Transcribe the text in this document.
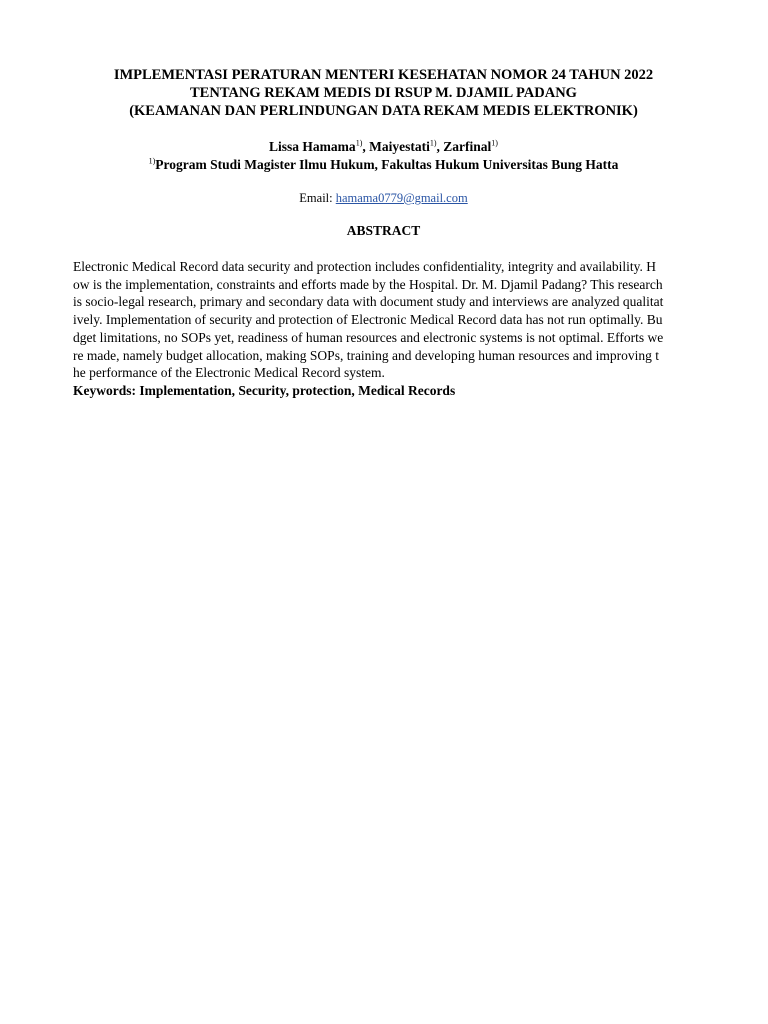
IMPLEMENTASI PERATURAN MENTERI KESEHATAN NOMOR 24 TAHUN 2022
TENTANG REKAM MEDIS DI RSUP M. DJAMIL PADANG
(KEAMANAN DAN PERLINDUNGAN DATA REKAM MEDIS ELEKTRONIK)
Lissa Hamama$^{1)}$, Maiyestati$^{1)}$, Zarfinal$^{1)}$
$^{1)}$Program Studi Magister Ilmu Hukum, Fakultas Hukum Universitas Bung Hatta
Email: hamama0779@gmail.com
ABSTRACT
Electronic Medical Record data security and protection includes confidentiality, integrity and availability. H
ow is the implementation, constraints and efforts made by the Hospital. Dr. M. Djamil Padang? This research
is socio-legal research, primary and secondary data with document study and interviews are analyzed qualitat
ively. Implementation of security and protection of Electronic Medical Record data has not run optimally. Bu
dget limitations, no SOPs yet, readiness of human resources and electronic systems is not optimal. Efforts we
re made, namely budget allocation, making SOPs, training and developing human resources and improving t
he performance of the Electronic Medical Record system.
Keywords: Implementation, Security, protection, Medical Records
